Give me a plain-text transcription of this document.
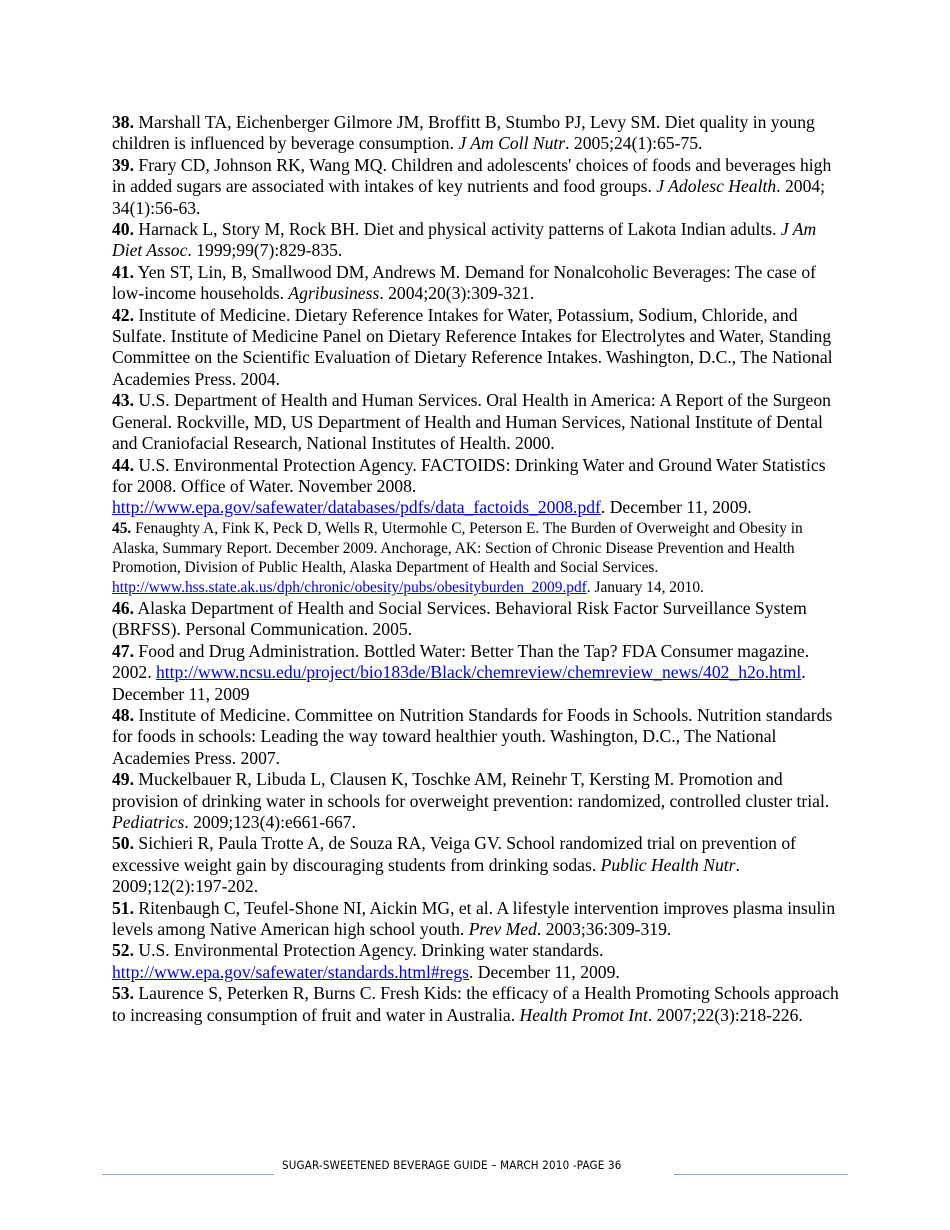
38. Marshall TA, Eichenberger Gilmore JM, Broffitt B, Stumbo PJ, Levy SM. Diet quality in young children is influenced by beverage consumption. J Am Coll Nutr. 2005;24(1):65-75.

39. Frary CD, Johnson RK, Wang MQ. Children and adolescents' choices of foods and beverages high in added sugars are associated with intakes of key nutrients and food groups. J Adolesc Health. 2004; 34(1):56-63.

40. Harnack L, Story M, Rock BH. Diet and physical activity patterns of Lakota Indian adults. J Am Diet Assoc. 1999;99(7):829-835.

41. Yen ST, Lin, B, Smallwood DM, Andrews M. Demand for Nonalcoholic Beverages: The case of low-income households. Agribusiness. 2004;20(3):309-321.

42. Institute of Medicine. Dietary Reference Intakes for Water, Potassium, Sodium, Chloride, and Sulfate. Institute of Medicine Panel on Dietary Reference Intakes for Electrolytes and Water, Standing Committee on the Scientific Evaluation of Dietary Reference Intakes. Washington, D.C., The National Academies Press. 2004.

43. U.S. Department of Health and Human Services. Oral Health in America: A Report of the Surgeon General. Rockville, MD, US Department of Health and Human Services, National Institute of Dental and Craniofacial Research, National Institutes of Health. 2000.

44. U.S. Environmental Protection Agency. FACTOIDS: Drinking Water and Ground Water Statistics for 2008. Office of Water. November 2008. http://www.epa.gov/safewater/databases/pdfs/data_factoids_2008.pdf. December 11, 2009.

45. Fenaughty A, Fink K, Peck D, Wells R, Utermohle C, Peterson E. The Burden of Overweight and Obesity in Alaska, Summary Report. December 2009. Anchorage, AK: Section of Chronic Disease Prevention and Health Promotion, Division of Public Health, Alaska Department of Health and Social Services. http://www.hss.state.ak.us/dph/chronic/obesity/pubs/obesityburden_2009.pdf. January 14, 2010.

46. Alaska Department of Health and Social Services. Behavioral Risk Factor Surveillance System (BRFSS). Personal Communication. 2005.

47. Food and Drug Administration. Bottled Water: Better Than the Tap? FDA Consumer magazine. 2002. http://www.ncsu.edu/project/bio183de/Black/chemreview/chemreview_news/402_h2o.html. December 11, 2009

48. Institute of Medicine. Committee on Nutrition Standards for Foods in Schools. Nutrition standards for foods in schools: Leading the way toward healthier youth. Washington, D.C., The National Academies Press. 2007.

49. Muckelbauer R, Libuda L, Clausen K, Toschke AM, Reinehr T, Kersting M. Promotion and provision of drinking water in schools for overweight prevention: randomized, controlled cluster trial. Pediatrics. 2009;123(4):e661-667.

50. Sichieri R, Paula Trotte A, de Souza RA, Veiga GV. School randomized trial on prevention of excessive weight gain by discouraging students from drinking sodas. Public Health Nutr. 2009;12(2):197-202.

51. Ritenbaugh C, Teufel-Shone NI, Aickin MG, et al. A lifestyle intervention improves plasma insulin levels among Native American high school youth. Prev Med. 2003;36:309-319.

52. U.S. Environmental Protection Agency. Drinking water standards. http://www.epa.gov/safewater/standards.html#regs. December 11, 2009.

53. Laurence S, Peterken R, Burns C. Fresh Kids: the efficacy of a Health Promoting Schools approach to increasing consumption of fruit and water in Australia. Health Promot Int. 2007;22(3):218-226.

SUGAR-SWEETENED BEVERAGE GUIDE – MARCH 2010 -PAGE 36
